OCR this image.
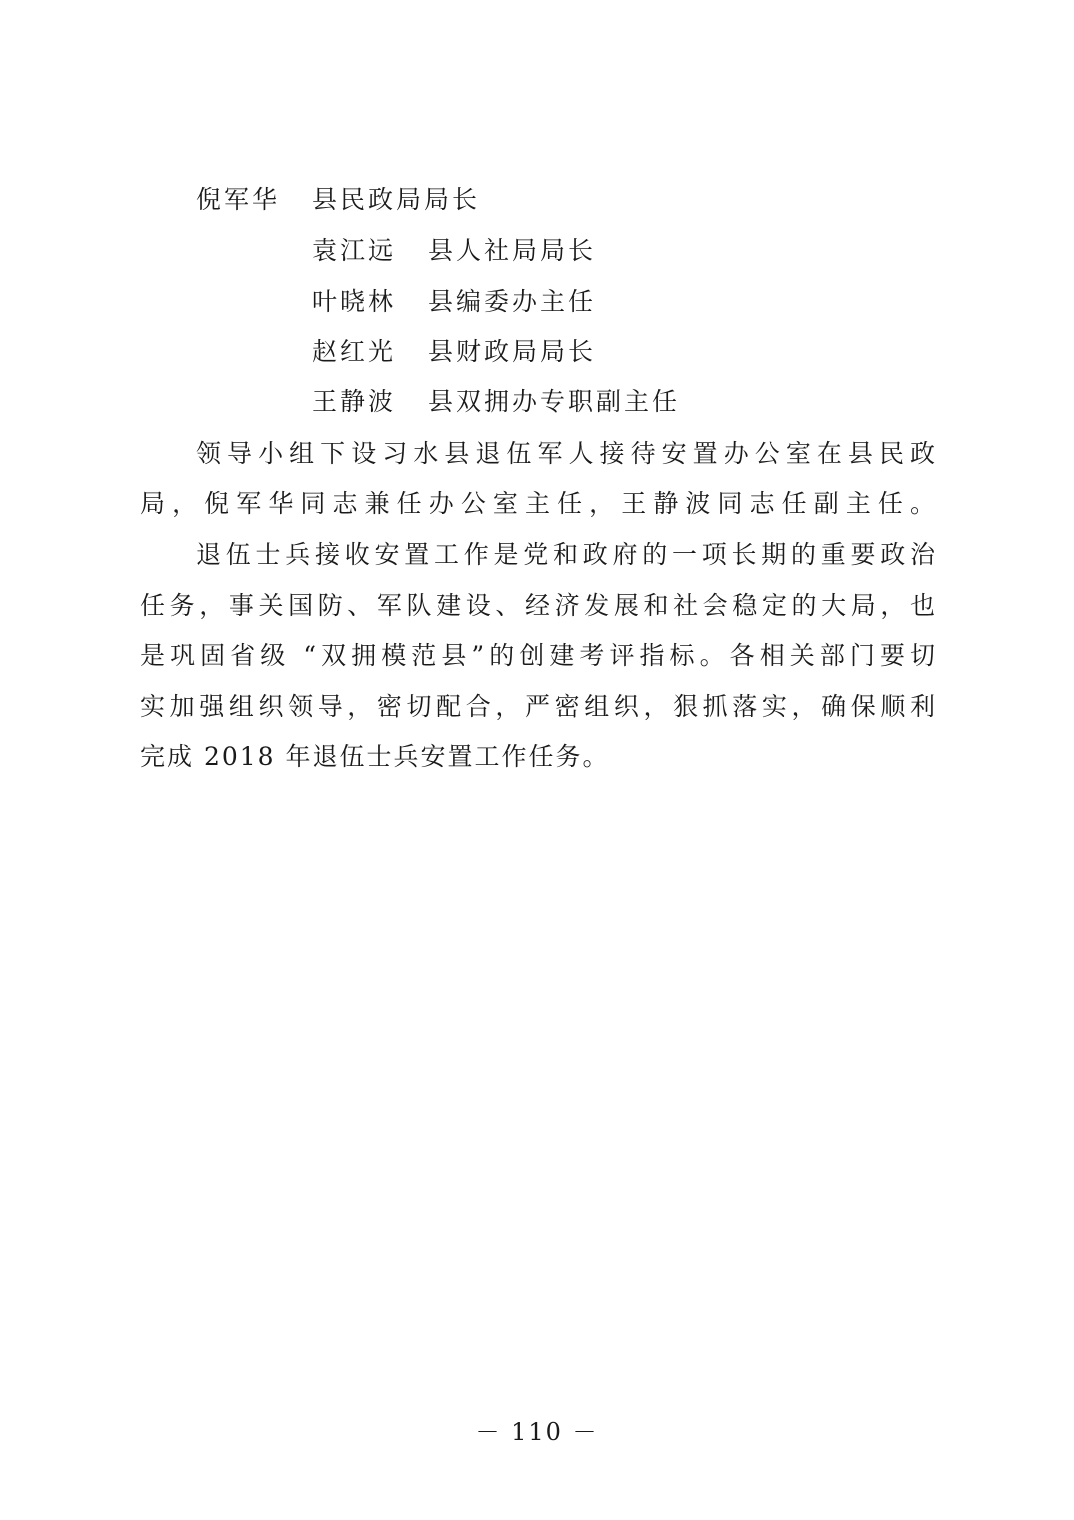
倪军华 县民政局局长
袁江远 县人社局局长
叶晓林 县编委办主任
赵红光 县财政局局长
王静波 县双拥办专职副主任
领导小组下设习水县退伍军人接待安置办公室在县民政
局，倪军华同志兼任办公室主任，王静波同志任副主任。
退伍士兵接收安置工作是党和政府的一项长期的重要政治
任务，事关国防、军队建设、经济发展和社会稳定的大局，也
是巩固省级 “双拥模范县”的创建考评指标。各相关部门要切
实加强组织领导，密切配合，严密组织，狠抓落实，确保顺利
完成 2018 年退伍士兵安置工作任务。
－ 110 －
